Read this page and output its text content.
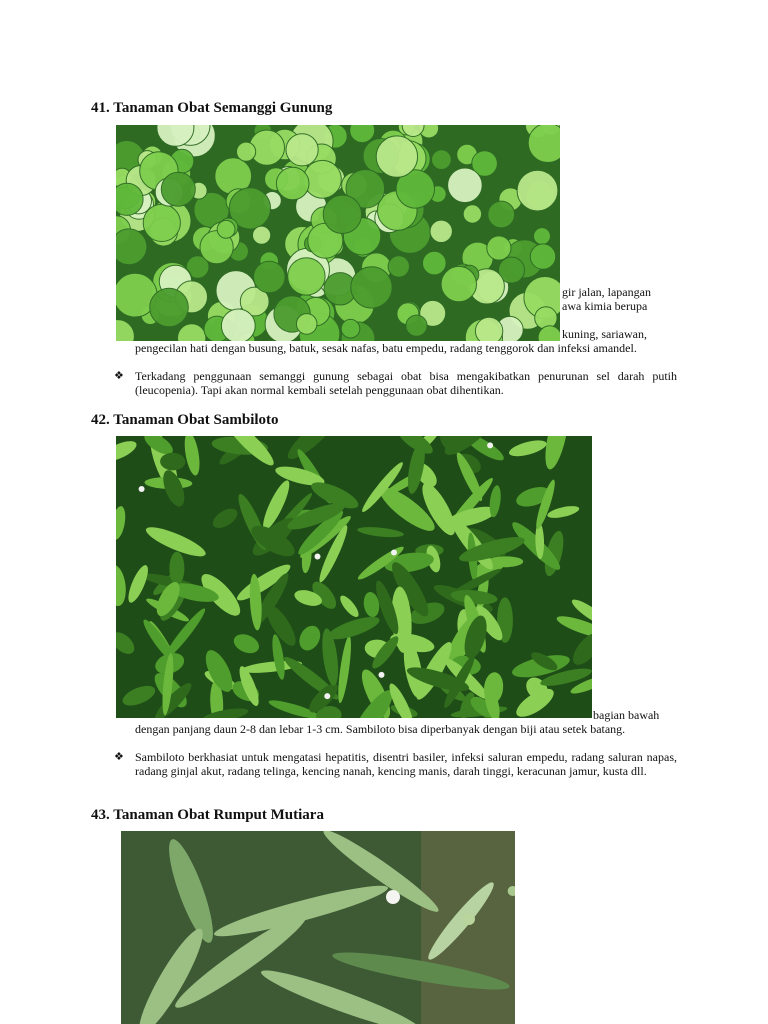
41. Tanaman Obat Semanggi Gunung
gir jalan, lapangan
awa kimia berupa
kuning, sariawan,
pengecilan hati dengan busung, batuk, sesak nafas, batu empedu, radang tenggorok dan infeksi amandel.
❖ Terkadang penggunaan semanggi gunung sebagai obat bisa mengakibatkan penurunan sel darah putih (leucopenia). Tapi akan normal kembali setelah penggunaan obat dihentikan.
42. Tanaman Obat Sambiloto
bagian bawah
dengan panjang daun 2-8 dan lebar 1-3 cm. Sambiloto bisa diperbanyak dengan biji atau setek batang.
❖ Sambiloto berkhasiat untuk mengatasi hepatitis, disentri basiler, infeksi saluran empedu, radang saluran napas, radang ginjal akut, radang telinga, kencing nanah, kencing manis, darah tinggi, keracunan jamur, kusta dll.
43. Tanaman Obat Rumput Mutiara
